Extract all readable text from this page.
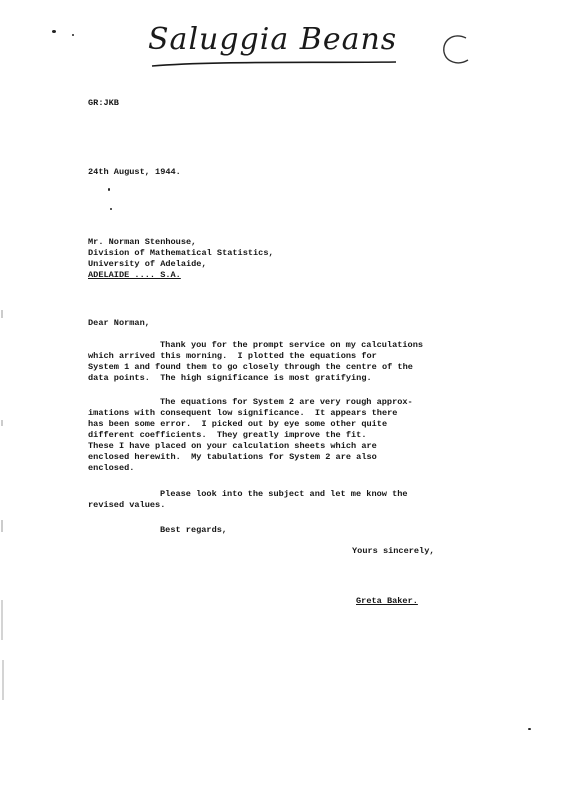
Saluggia Beans
GR:JKB
24th August, 1944.
Mr. Norman Stenhouse,
Division of Mathematical Statistics,
University of Adelaide,
ADELAIDE .... S.A.
Dear Norman,
Thank you for the prompt service on my calculations
which arrived this morning.  I plotted the equations for
System 1 and found them to go closely through the centre of the
data points.  The high significance is most gratifying.
The equations for System 2 are very rough approx-
imations with consequent low significance.  It appears there
has been some error.  I picked out by eye some other quite
different coefficients.  They greatly improve the fit.
These I have placed on your calculation sheets which are
enclosed herewith.  My tabulations for System 2 are also
enclosed.
Please look into the subject and let me know the
revised values.
Best regards,
Yours sincerely,
Greta Baker.
